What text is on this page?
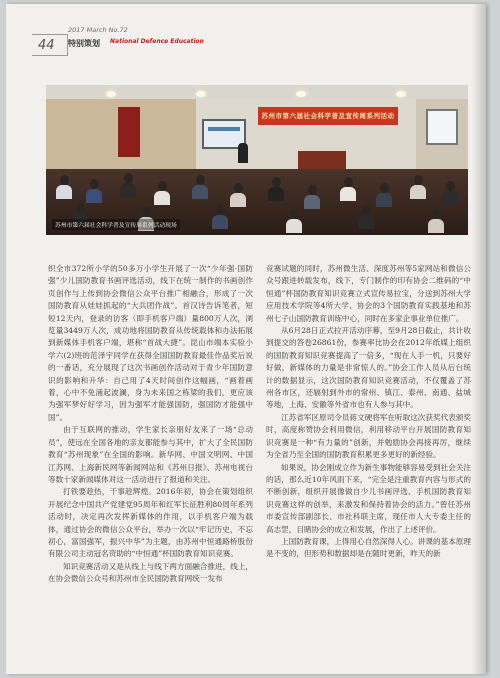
44
2017 March No.72
特别策划 National Defence Education
苏州市第六届社会科学普及宣传周系列活动
苏州市第六届社会科学普及宣传周系列活动现场

织全市372所小学的50多万小学生开展了一次“少年强·国防强”少儿国防教育书画评选活动，线下在统一制作的书画创作页创作与上传到协会微信公众平台推广相融合，形成了一次国防教育从娃娃抓起的“大兵团作战”。首汉诗告诉笔者，短短12天内，登录的访客（即手机客户端）量800万人次，浏览量3449万人次，成功地将国防教育从传统载体和办法拓展到新媒体手机客户端，堪称“首战大捷”。昆山市端本实验小学六(2)班的范泽宇同学在获得全国国防教育最佳作品奖后说的一番话，充分展现了这次书画创作活动对于青少年国防意识的影响和升华：自己用了4天时间创作这幅画，“画着画着，心中不免涌起波澜，身为未来国之栋梁的我们，更应该为强军梦好好学习，因为强军才能强国防，强国防才能强中国”。

由于互联网的推动，学生家长亲朋好友来了一场“总动员”，使远在全国各地的亲友都能参与其中，扩大了全民国防教育“苏州现象”在全国的影响。新华网、中国文明网、中国江苏网、上海新民网等新闻网站和《苏州日报》、苏州电视台等数十家新闻媒体对这一活动进行了报道和关注。

打铁要趁热，干事趁辉煌。2016年初，协会在策划组织开展纪念中国共产党建党95周年和红军长征胜利80周年系列活动时，决定再次发挥新媒体的作用，以手机客户端为载体，通过协会的微信公众平台，举办一次以“牢记历史，不忘初心，富国强军，振兴中华”为主题，由苏州中恒通路桥股份有限公司主动冠名资助的“中恒通”杯国防教育知识竞赛。

知识竞赛活动又是从线上与线下两方面融合推进，线上，在协会微信公众号和苏州市全民国防教育网统一发布

竞赛试题的同时，苏州微生活、深度苏州等5家网站和微信公众号跟进转载发布，线下，专门制作的印有协会二维码的“中恒通”杯国防教育知识竞赛立式宣传易拉宝，分送到苏州大学应用技术学院等4所大学、协会的3个国防教育实践基地和苏州七子山国防教育训练中心，同时在多家企事业单位推广。

从6月28日正式拉开活动序幕，至9月28日截止，共计收到提交的答卷26861份，参赛率比协会在2012年纸媒上组织的国防教育知识竞赛提高了一倍多，“现在人手一机，只要好好做，新媒体的力量是非常惊人的。”协会工作人员从后台统计的数据显示，这次国防教育知识竞赛活动，不仅覆盖了苏州各市区，还辐射到外市的常州、镇江、泰州、南通、盐城等地，上海、安徽等外省市也有人参与其中。

江苏省军区原司令员蒋文硬将军在听取这次获奖代表颁奖时，高度称赞协会利用微信，利用移动平台开展国防教育知识竞赛是一种“有力量的”创新，并勉励协会再接再厉，继续为全省乃至全国的国防教育积累更多更好的新经验。

如果说，协会刚成立作为新生事物能够容易受到社会关注的话，那么近10年风雨下来，“完全是注重教育内容与形式的不断创新，组织开展像做自少儿书画评选、手机国防教育知识竞赛这样的创举，来激发和保持着协会的活力。”曾任苏州市委宣传部副部长、市社科联主席，现任市人大专委主任的高志罡，目睹协会的成立和发展，作出了上述评价。

上国防教育课，上得用心自然深得人心。讲课的基本原理是不变的，但形势和数据却是在随时更新，昨天的新
